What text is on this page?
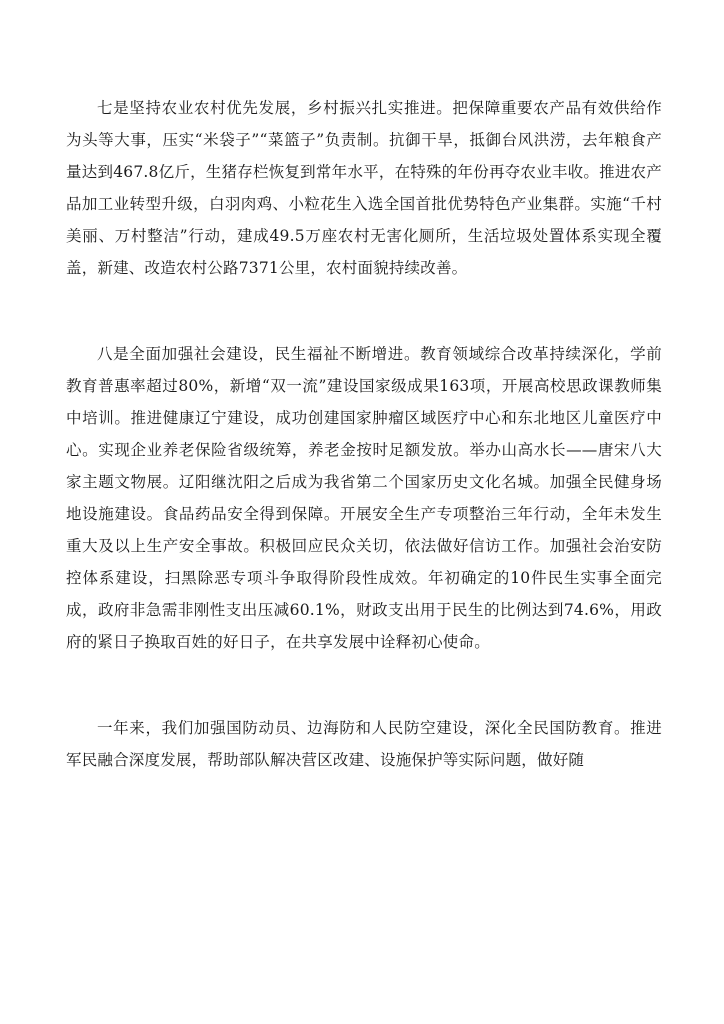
七是坚持农业农村优先发展，乡村振兴扎实推进。把保障重要农产品有效供给作为头等大事，压实“米袋子”“菜篮子”负责制。抗御干旱，抵御台风洪涝，去年粮食产量达到467.8亿斤，生猪存栏恢复到常年水平，在特殊的年份再夺农业丰收。推进农产品加工业转型升级，白羽肉鸡、小粒花生入选全国首批优势特色产业集群。实施“千村美丽、万村整洁”行动，建成49.5万座农村无害化厕所，生活垃圾处置体系实现全覆盖，新建、改造农村公路7371公里，农村面貌持续改善。

八是全面加强社会建设，民生福祉不断增进。教育领域综合改革持续深化，学前教育普惠率超过80%，新增“双一流”建设国家级成果163项，开展高校思政课教师集中培训。推进健康辽宁建设，成功创建国家肿瘤区域医疗中心和东北地区儿童医疗中心。实现企业养老保险省级统筹，养老金按时足额发放。举办山高水长——唐宋八大家主题文物展。辽阳继沈阳之后成为我省第二个国家历史文化名城。加强全民健身场地设施建设。食品药品安全得到保障。开展安全生产专项整治三年行动，全年未发生重大及以上生产安全事故。积极回应民众关切，依法做好信访工作。加强社会治安防控体系建设，扫黑除恶专项斗争取得阶段性成效。年初确定的10件民生实事全面完成，政府非急需非刚性支出压减60.1%，财政支出用于民生的比例达到74.6%，用政府的紧日子换取百姓的好日子，在共享发展中诠释初心使命。

一年来，我们加强国防动员、边海防和人民防空建设，深化全民国防教育。推进军民融合深度发展，帮助部队解决营区改建、设施保护等实际问题，做好随
